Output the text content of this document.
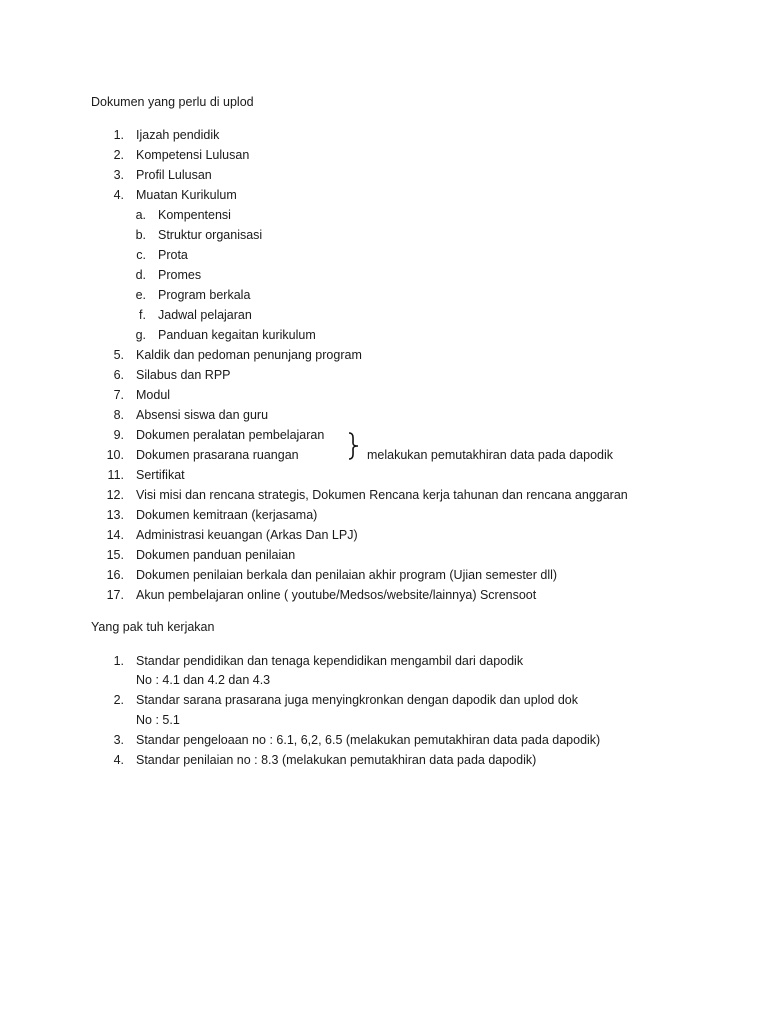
Dokumen yang perlu di uplod
1. Ijazah pendidik
2. Kompetensi Lulusan
3. Profil Lulusan
4. Muatan Kurikulum
a. Kompentensi
b. Struktur organisasi
c. Prota
d. Promes
e. Program berkala
f. Jadwal pelajaran
g. Panduan kegaitan kurikulum
5. Kaldik dan pedoman penunjang program
6. Silabus dan RPP
7. Modul
8. Absensi siswa dan guru
9. Dokumen peralatan pembelajaran
10. Dokumen prasarana ruangan	melakukan pemutakhiran data pada dapodik
11. Sertifikat
12. Visi misi dan rencana strategis, Dokumen Rencana kerja tahunan dan rencana anggaran
13. Dokumen kemitraan (kerjasama)
14. Administrasi keuangan (Arkas Dan LPJ)
15. Dokumen panduan penilaian
16. Dokumen penilaian berkala dan penilaian akhir program (Ujian semester dll)
17. Akun pembelajaran online ( youtube/Medsos/website/lainnya) Scrensoot
Yang pak tuh kerjakan
1. Standar pendidikan dan tenaga kependidikan mengambil dari dapodik
No : 4.1 dan 4.2 dan 4.3
2. Standar sarana prasarana juga menyingkronkan dengan dapodik dan uplod dok
No : 5.1
3. Standar pengeloaan no : 6.1, 6,2, 6.5 (melakukan pemutakhiran data pada dapodik)
4. Standar penilaian no : 8.3 (melakukan pemutakhiran data pada dapodik)
